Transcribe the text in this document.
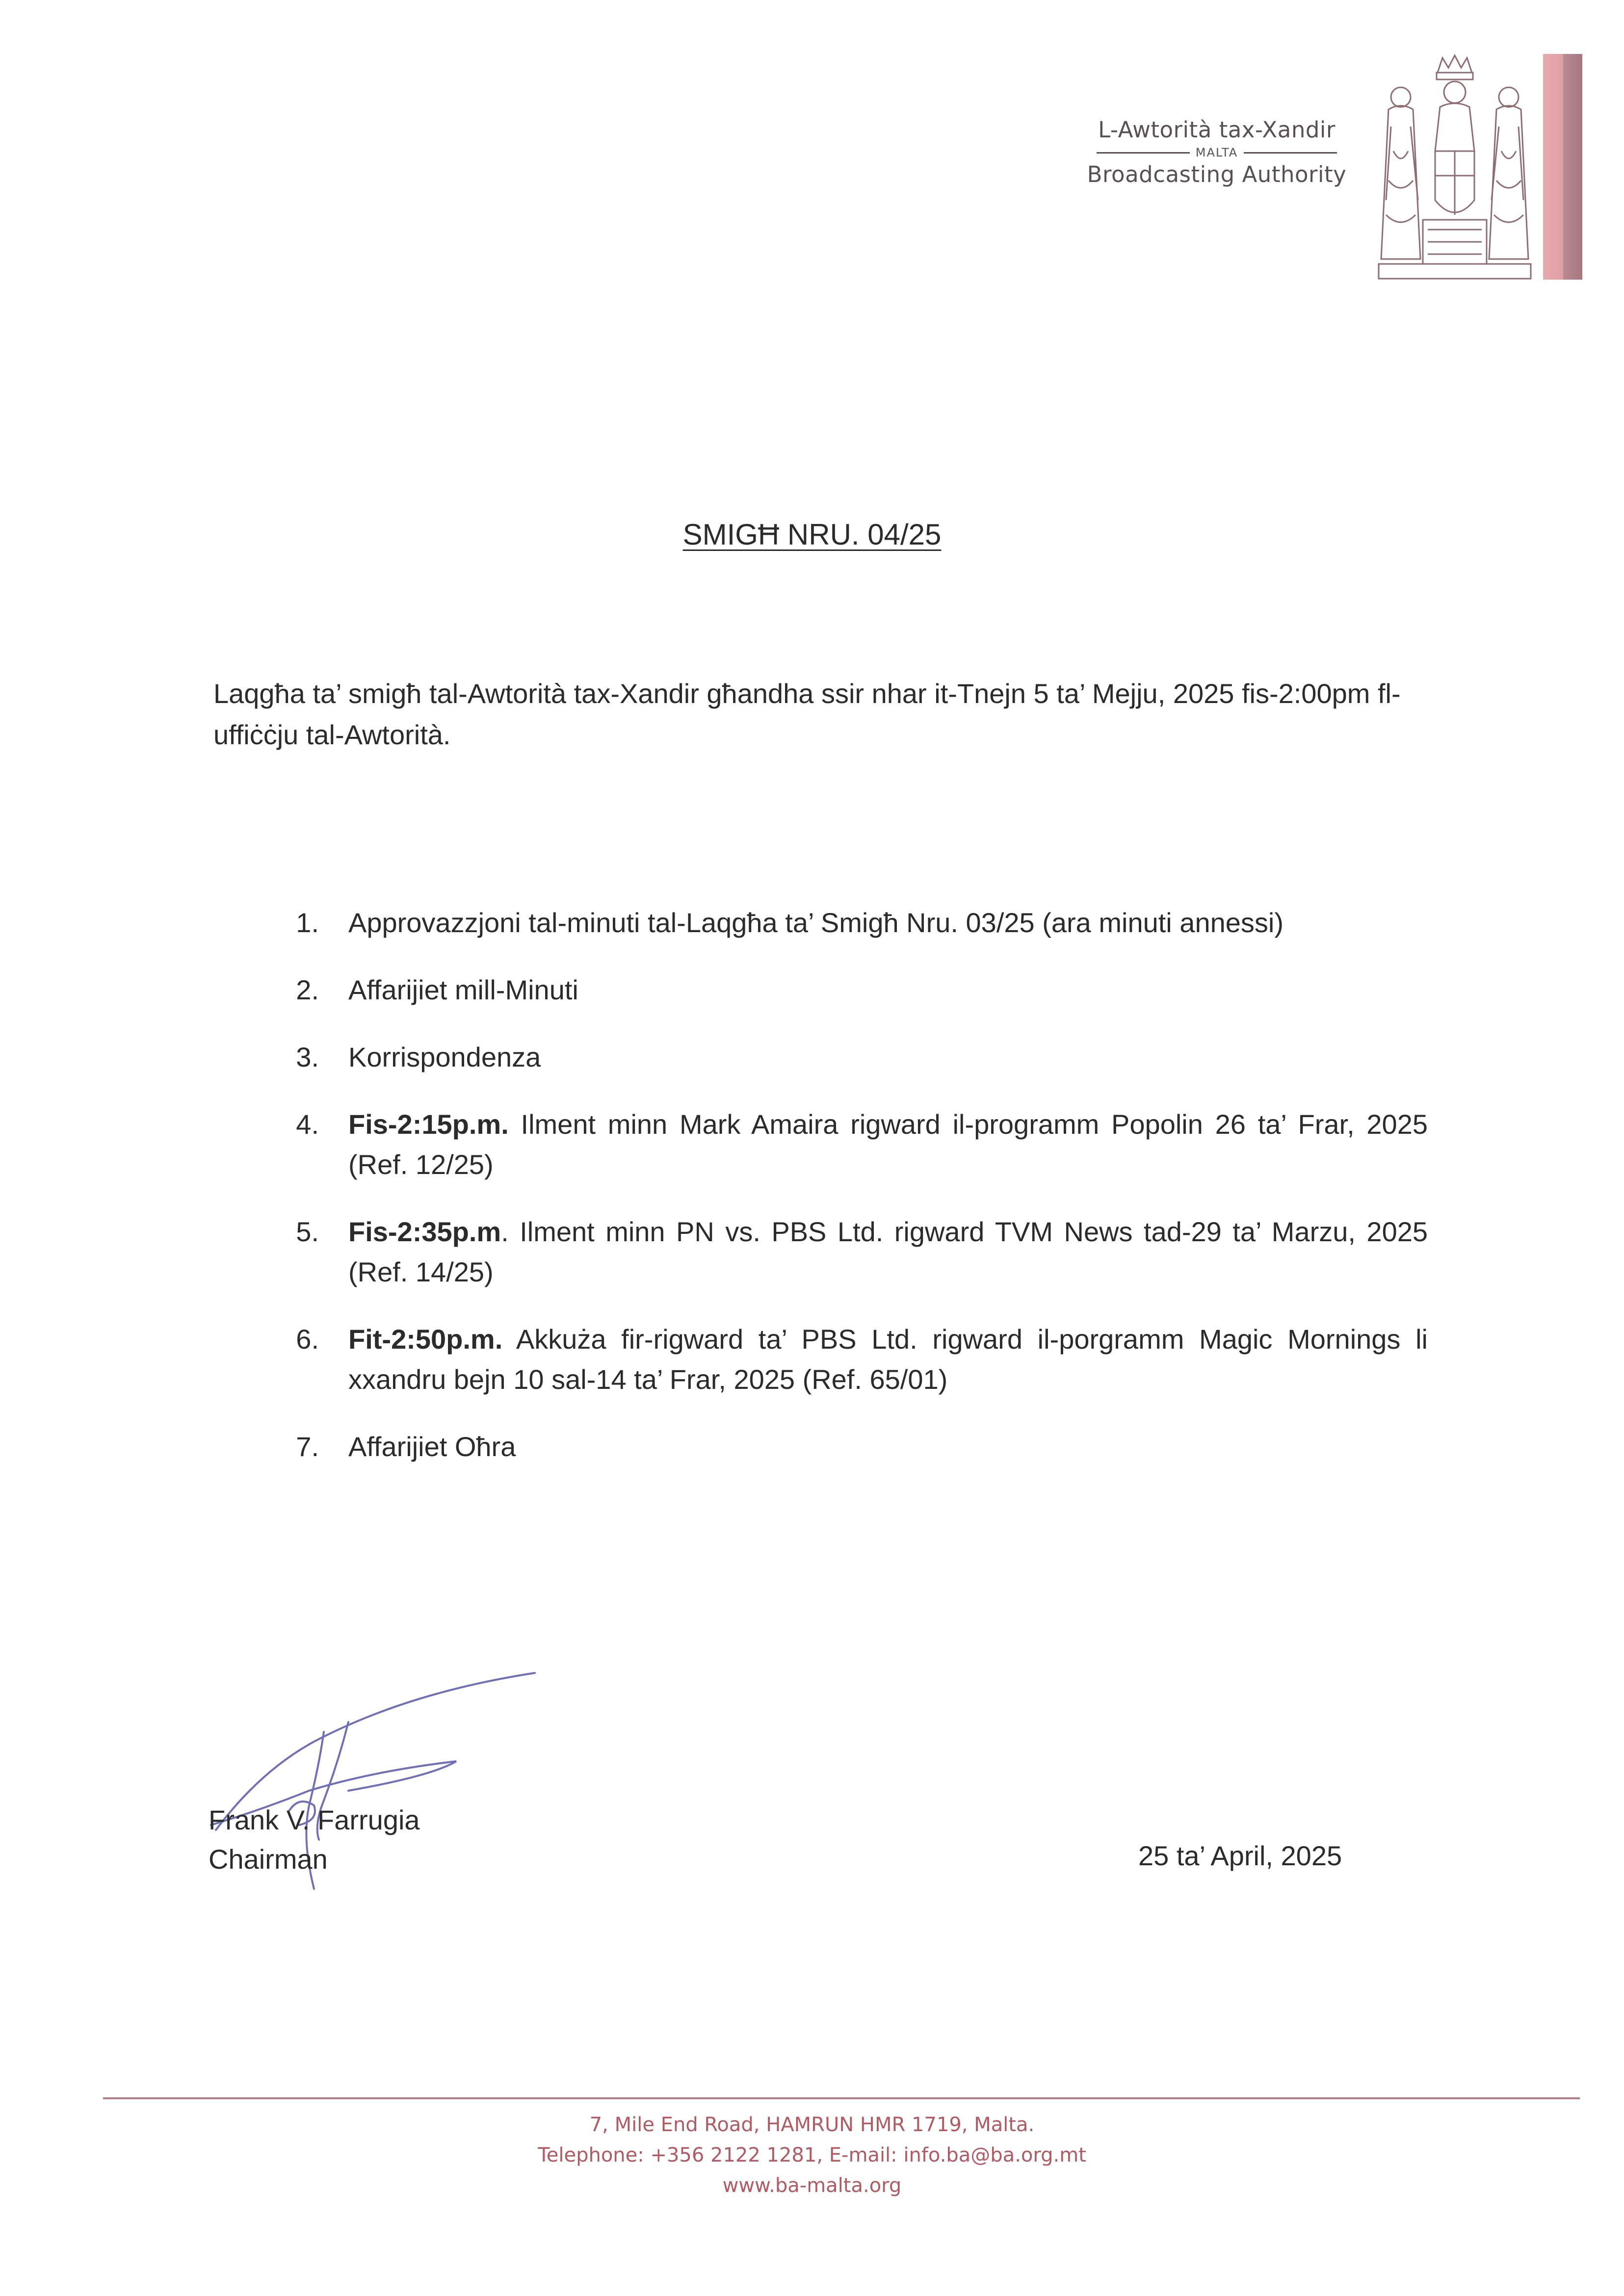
L-Awtorità tax-Xandir
MALTA
Broadcasting Authority
SMIGĦ NRU. 04/25
Laqgħa ta’ smigħ tal-Awtorità tax-Xandir għandha ssir nhar it-Tnejn 5 ta’ Mejju, 2025 fis-2:00pm fl-uffiċċju tal-Awtorità.
1. Approvazzjoni tal-minuti tal-Laqgħa ta’ Smigħ Nru. 03/25 (ara minuti annessi)
2. Affarijiet mill-Minuti
3. Korrispondenza
4. Fis-2:15p.m. Ilment minn Mark Amaira rigward il-programm Popolin 26 ta’ Frar, 2025 (Ref. 12/25)
5. Fis-2:35p.m. Ilment minn PN vs. PBS Ltd. rigward TVM News tad-29 ta’ Marzu, 2025 (Ref. 14/25)
6. Fit-2:50p.m. Akkuża fir-rigward ta’ PBS Ltd. rigward il-porgramm Magic Mornings li xxandru bejn 10 sal-14 ta’ Frar, 2025 (Ref. 65/01)
7. Affarijiet Oħra
Frank V. Farrugia
Chairman	25 ta’ April, 2025
7, Mile End Road, HAMRUN HMR 1719, Malta.
Telephone: +356 2122 1281, E-mail: info.ba@ba.org.mt
www.ba-malta.org
